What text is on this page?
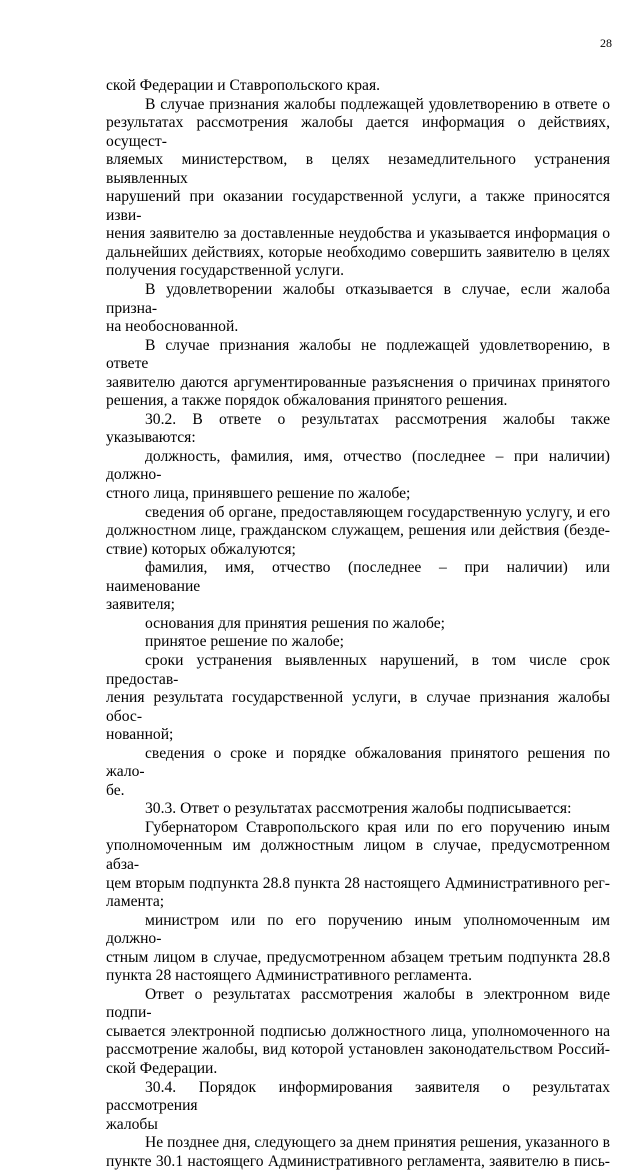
28

ской Федерации и Ставропольского края.

В случае признания жалобы подлежащей удовлетворению в ответе о
результатах рассмотрения жалобы дается информация о действиях, осущест-
вляемых министерством, в целях незамедлительного устранения выявленных
нарушений при оказании государственной услуги, а также приносятся изви-
нения заявителю за доставленные неудобства и указывается информация о
дальнейших действиях, которые необходимо совершить заявителю в целях
получения государственной услуги.

В удовлетворении жалобы отказывается в случае, если жалоба призна-
на необоснованной.

В случае признания жалобы не подлежащей удовлетворению, в ответе
заявителю даются аргументированные разъяснения о причинах принятого
решения, а также порядок обжалования принятого решения.

30.2. В ответе о результатах рассмотрения жалобы также указываются:

должность, фамилия, имя, отчество (последнее – при наличии) должно-
стного лица, принявшего решение по жалобе;

сведения об органе, предоставляющем государственную услугу, и его
должностном лице, гражданском служащем, решения или действия (безде-
ствие) которых обжалуются;

фамилия, имя, отчество (последнее – при наличии) или наименование
заявителя;

основания для принятия решения по жалобе;

принятое решение по жалобе;

сроки устранения выявленных нарушений, в том числе срок предостав-
ления результата государственной услуги, в случае признания жалобы обос-
нованной;

сведения о сроке и порядке обжалования принятого решения по жало-
бе.

30.3. Ответ о результатах рассмотрения жалобы подписывается:

Губернатором Ставропольского края или по его поручению иным
уполномоченным им должностным лицом в случае, предусмотренном абза-
цем вторым подпункта 28.8 пункта 28 настоящего Административного рег-
ламента;

министром или по его поручению иным уполномоченным им должно-
стным лицом в случае, предусмотренном абзацем третьим подпункта 28.8
пункта 28 настоящего Административного регламента.

Ответ о результатах рассмотрения жалобы в электронном виде подпи-
сывается электронной подписью должностного лица, уполномоченного на
рассмотрение жалобы, вид которой установлен законодательством Россий-
ской Федерации.

30.4. Порядок информирования заявителя о результатах рассмотрения
жалобы

Не позднее дня, следующего за днем принятия решения, указанного в
пункте 30.1 настоящего Административного регламента, заявителю в пись-
